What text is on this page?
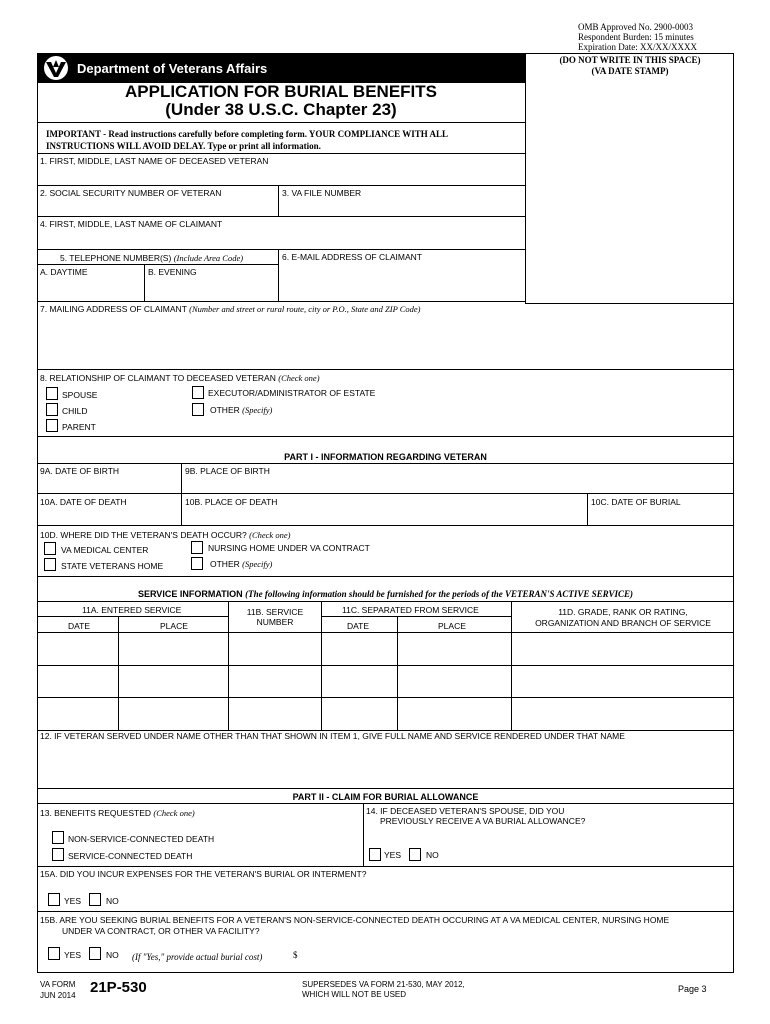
OMB Approved No. 2900-0003
Respondent Burden: 15 minutes
Expiration Date: XX/XX/XXXX
Department of Veterans Affairs
(DO NOT WRITE IN THIS SPACE)
(VA DATE STAMP)
APPLICATION FOR BURIAL BENEFITS
(Under 38 U.S.C. Chapter 23)
IMPORTANT - Read instructions carefully before completing form. YOUR COMPLIANCE WITH ALL
INSTRUCTIONS WILL AVOID DELAY. Type or print all information.
1. FIRST, MIDDLE, LAST NAME OF DECEASED VETERAN
2. SOCIAL SECURITY NUMBER OF VETERAN	3. VA FILE NUMBER
4. FIRST, MIDDLE, LAST NAME OF CLAIMANT
5. TELEPHONE NUMBER(S) (Include Area Code)
A. DAYTIME	B. EVENING
6. E-MAIL ADDRESS OF CLAIMANT
7. MAILING ADDRESS OF CLAIMANT (Number and street or rural route, city or P.O., State and ZIP Code)
8. RELATIONSHIP OF CLAIMANT TO DECEASED VETERAN (Check one)
SPOUSE
CHILD
PARENT
EXECUTOR/ADMINISTRATOR OF ESTATE
OTHER (Specify)
PART I - INFORMATION REGARDING VETERAN
9A. DATE OF BIRTH	9B. PLACE OF BIRTH
10A. DATE OF DEATH	10B. PLACE OF DEATH	10C. DATE OF BURIAL
10D. WHERE DID THE VETERAN'S DEATH OCCUR? (Check one)
VA MEDICAL CENTER
STATE VETERANS HOME
NURSING HOME UNDER VA CONTRACT
OTHER (Specify)
SERVICE INFORMATION (The following information should be furnished for the periods of the VETERAN'S ACTIVE SERVICE)
11A. ENTERED SERVICE
DATE	PLACE
11B. SERVICE
NUMBER
11C. SEPARATED FROM SERVICE
DATE	PLACE
11D. GRADE, RANK OR RATING,
ORGANIZATION AND BRANCH OF SERVICE
12. IF VETERAN SERVED UNDER NAME OTHER THAN THAT SHOWN IN ITEM 1, GIVE FULL NAME AND SERVICE RENDERED UNDER THAT NAME
PART II - CLAIM FOR BURIAL ALLOWANCE
13. BENEFITS REQUESTED (Check one)
NON-SERVICE-CONNECTED DEATH
SERVICE-CONNECTED DEATH
14. IF DECEASED VETERAN'S SPOUSE, DID YOU
PREVIOUSLY RECEIVE A VA BURIAL ALLOWANCE?
YES	NO
15A. DID YOU INCUR EXPENSES FOR THE VETERAN'S BURIAL OR INTERMENT?
YES	NO
15B. ARE YOU SEEKING BURIAL BENEFITS FOR A VETERAN'S NON-SERVICE-CONNECTED DEATH OCCURING AT A VA MEDICAL CENTER, NURSING HOME
UNDER VA CONTRACT, OR OTHER VA FACILITY?
YES	NO (If "Yes," provide actual burial cost)	$
VA FORM
JUN 2014 21P-530	SUPERSEDES VA FORM 21-530, MAY 2012,
WHICH WILL NOT BE USED
Page 3
